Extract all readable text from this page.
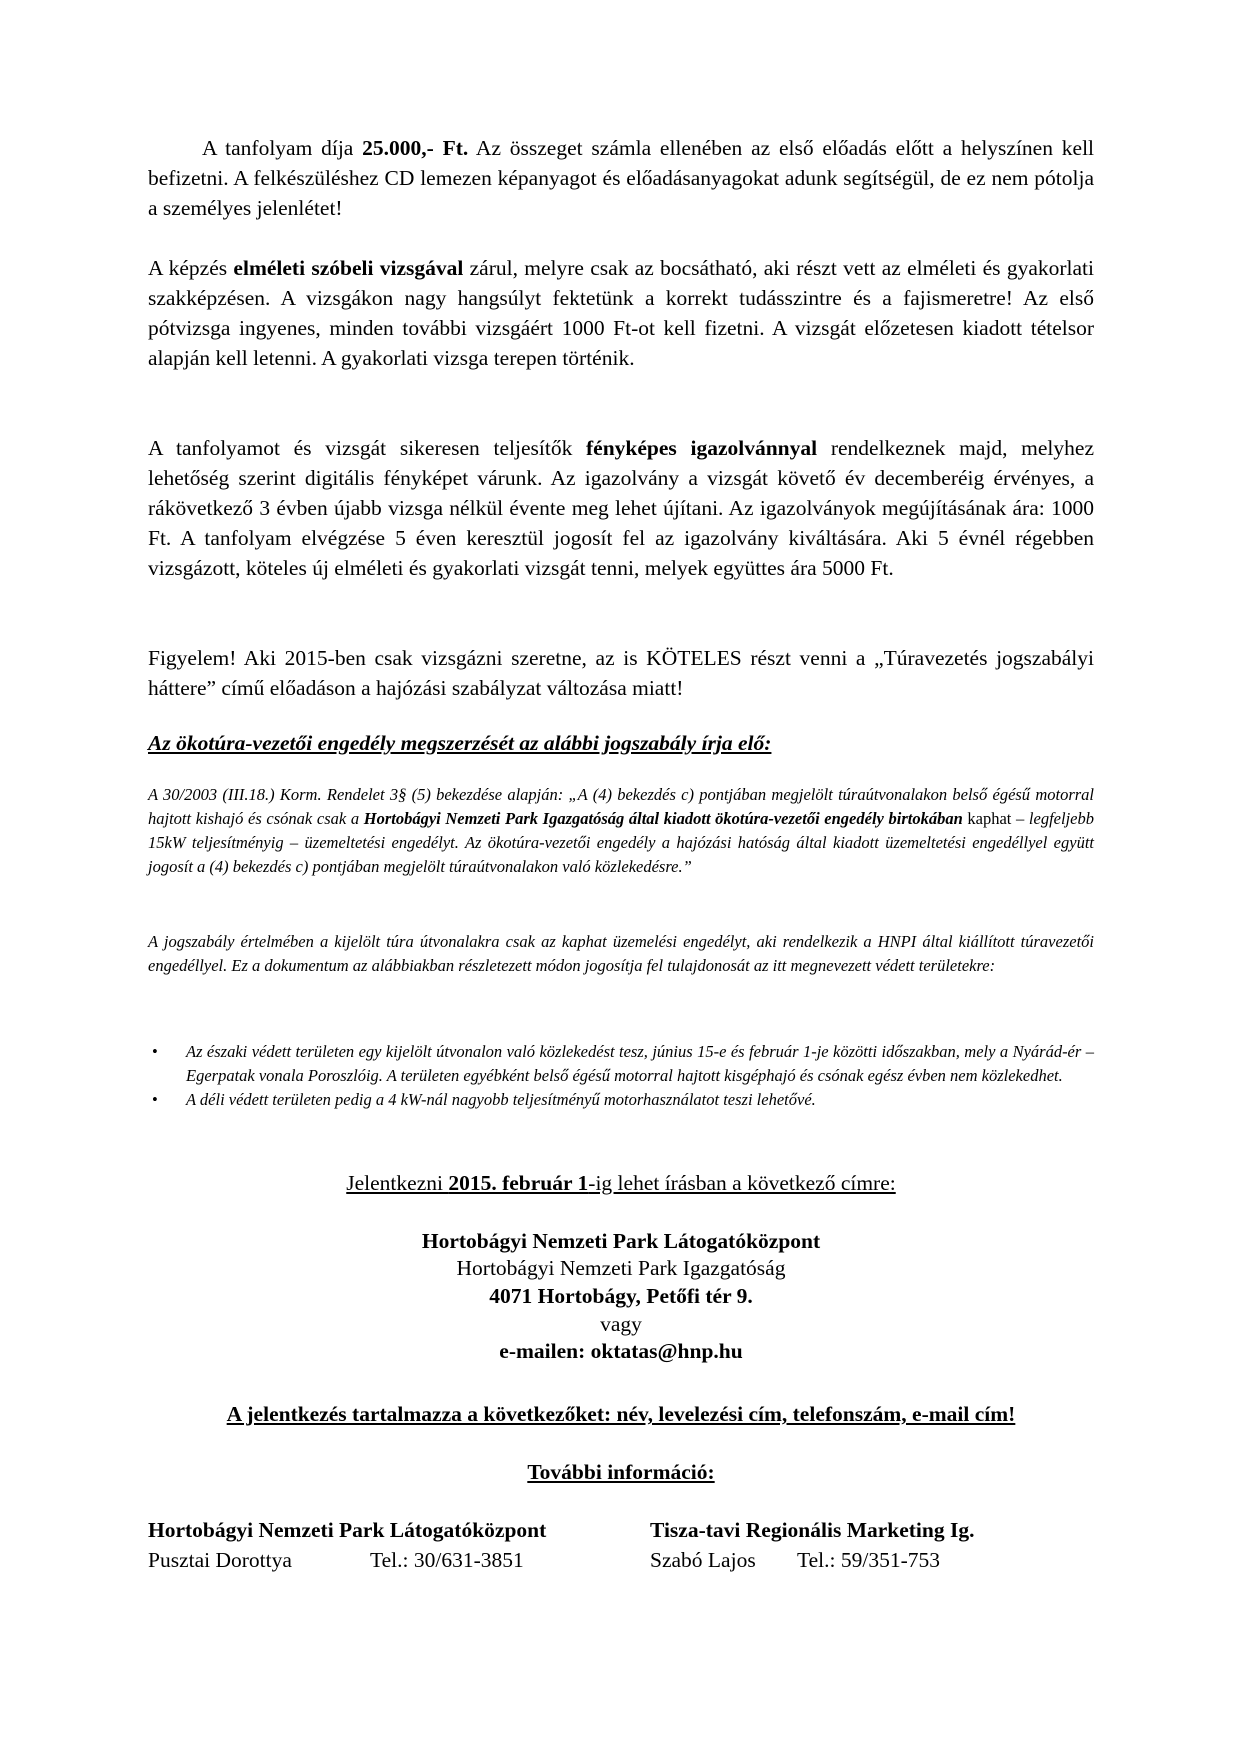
A tanfolyam díja 25.000,- Ft. Az összeget számla ellenében az első előadás előtt a helyszínen kell befizetni. A felkészüléshez CD lemezen képanyagot és előadásanyagokat adunk segítségül, de ez nem pótolja a személyes jelenlétet!

A képzés elméleti szóbeli vizsgával zárul, melyre csak az bocsátható, aki részt vett az elméleti és gyakorlati szakképzésen. A vizsgákon nagy hangsúlyt fektetünk a korrekt tudásszintre és a fajismeretre! Az első pótvizsga ingyenes, minden további vizsgáért 1000 Ft-ot kell fizetni. A vizsgát előzetesen kiadott tételsor alapján kell letenni. A gyakorlati vizsga terepen történik.

A tanfolyamot és vizsgát sikeresen teljesítők fényképes igazolvánnyal rendelkeznek majd, melyhez lehetőség szerint digitális fényképet várunk. Az igazolvány a vizsgát követő év decemberéig érvényes, a rákövetkező 3 évben újabb vizsga nélkül évente meg lehet újítani. Az igazolványok megújításának ára: 1000 Ft. A tanfolyam elvégzése 5 éven keresztül jogosít fel az igazolvány kiváltására. Aki 5 évnél régebben vizsgázott, köteles új elméleti és gyakorlati vizsgát tenni, melyek együttes ára 5000 Ft.

Figyelem! Aki 2015-ben csak vizsgázni szeretne, az is KÖTELES részt venni a „Túravezetés jogszabályi háttere” című előadáson a hajózási szabályzat változása miatt!

Az ökotúra-vezetői engedély megszerzését az alábbi jogszabály írja elő:
A 30/2003 (III.18.) Korm. Rendelet 3§ (5) bekezdése alapján: „A (4) bekezdés c) pontjában megjelölt túraútvonalakon belső égésű motorral hajtott kishajó és csónak csak a Hortobágyi Nemzeti Park Igazgatóság által kiadott ökotúra-vezetői engedély birtokában kaphat – legfeljebb 15kW teljesítményig – üzemeltetési engedélyt. Az ökotúra-vezetői engedély a hajózási hatóság által kiadott üzemeltetési engedéllyel együtt jogosít a (4) bekezdés c) pontjában megjelölt túraútvonalakon való közlekedésre.”
A jogszabály értelmében a kijelölt túra útvonalakra csak az kaphat üzemelési engedélyt, aki rendelkezik a HNPI által kiállított túravezetői engedéllyel. Ez a dokumentum az alábbiakban részletezett módon jogosítja fel tulajdonosát az itt megnevezett védett területekre:
• Az északi védett területen egy kijelölt útvonalon való közlekedést tesz, június 15-e és február 1-je közötti időszakban, mely a Nyárád-ér – Egerpatak vonala Poroszlóig. A területen egyébként belső égésű motorral hajtott kisgéphajó és csónak egész évben nem közlekedhet.
• A déli védett területen pedig a 4 kW-nál nagyobb teljesítményű motorhasználatot teszi lehetővé.
Jelentkezni 2015. február 1-ig lehet írásban a következő címre:
Hortobágyi Nemzeti Park Látogatóközpont
Hortobágyi Nemzeti Park Igazgatóság
4071 Hortobágy, Petőfi tér 9.
vagy
e-mailen: oktatas@hnp.hu
A jelentkezés tartalmazza a következőket: név, levelezési cím, telefonszám, e-mail cím!
További információ:
Hortobágyi Nemzeti Park Látogatóközpont
Pusztai Dorottya	Tel.: 30/631-3851
Tisza-tavi Regionális Marketing Ig.
Szabó Lajos Tel.: 59/351-753
